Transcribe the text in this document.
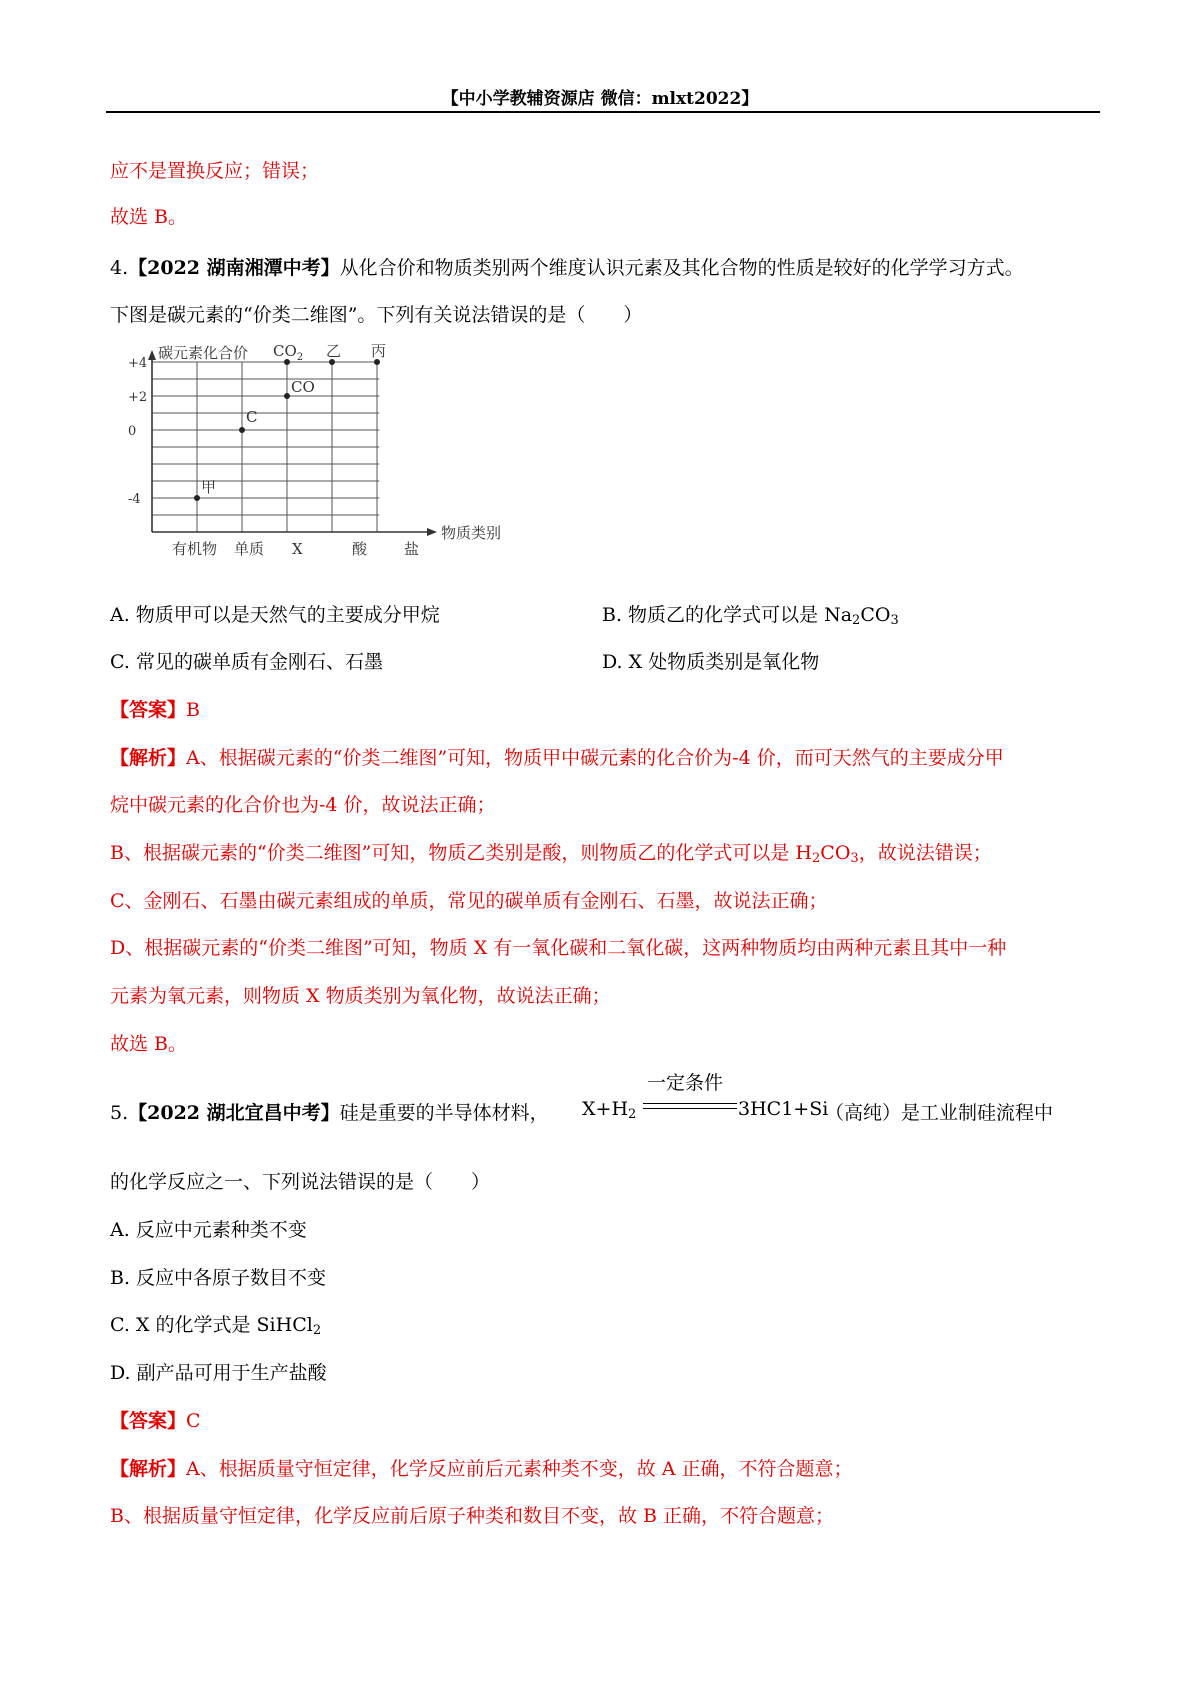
【中小学教辅资源店 微信：mlxt2022】
应不是置换反应；错误；
故选 B。
4.【2022 湖南湘潭中考】从化合价和物质类别两个维度认识元素及其化合物的性质是较好的化学学习方式。
下图是碳元素的“价类二维图”。下列有关说法错误的是（　　）
碳元素化合价
物质类别
+4
+2
0
-4
有机物 单质 X	酸 盐
甲
C
CO
$CO_2$ 乙 丙
A. 物质甲可以是天然气的主要成分甲烷	B. 物质乙的化学式可以是 $Na_2CO_3$
C. 常见的碳单质有金刚石、石墨	D. X 处物质类别是氧化物
【答案】B
【解析】A、根据碳元素的“价类二维图”可知，物质甲中碳元素的化合价为-4 价，而可天然气的主要成分甲
烷中碳元素的化合价也为-4 价，故说法正确；
B、根据碳元素的“价类二维图”可知，物质乙类别是酸，则物质乙的化学式可以是 $H_2CO_3$，故说法错误；
C、金刚石、石墨由碳元素组成的单质，常见的碳单质有金刚石、石墨，故说法正确；
D、根据碳元素的“价类二维图”可知，物质 X 有一氧化碳和二氧化碳，这两种物质均由两种元素且其中一种
元素为氧元素，则物质 X 物质类别为氧化物，故说法正确；
故选 B。
5.【2022 湖北宜昌中考】硅是重要的半导体材料， $X+H_2$
一定条件
3HC1+Si
（高纯）是工业制硅流程中
的化学反应之一、下列说法错误的是（　　）
A. 反应中元素种类不变
B. 反应中各原子数目不变
C. X 的化学式是 SiHCl$_2$
D. 副产品可用于生产盐酸
【答案】C
【解析】A、根据质量守恒定律，化学反应前后元素种类不变，故 A 正确，不符合题意；
B、根据质量守恒定律，化学反应前后原子种类和数目不变，故 B 正确，不符合题意；
